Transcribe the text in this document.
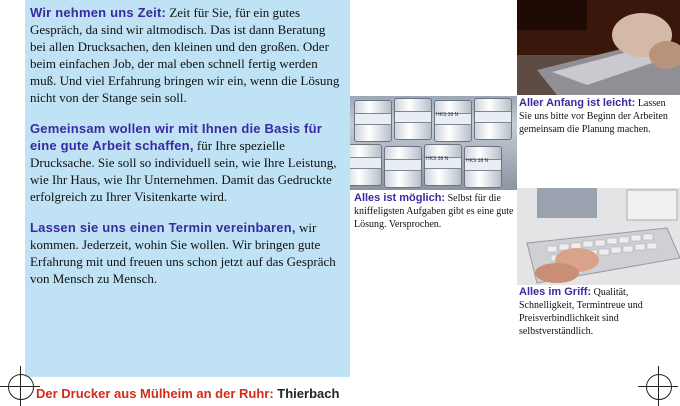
Wir nehmen uns Zeit: Zeit für Sie, für ein gutes Gespräch, da sind wir altmodisch. Das ist dann Beratung bei allen Drucksachen, den kleinen und den großen. Oder beim einfachen Job, der mal eben schnell fertig werden muß. Und viel Erfahrung bringen wir ein, wenn die Lösung nicht von der Stange sein soll.

Gemeinsam wollen wir mit Ihnen die Basis für eine gute Arbeit schaffen, für Ihre spezielle Drucksache. Sie soll so individuell sein, wie Ihre Leistung, wie Ihr Haus, wie Ihr Unternehmen. Damit das Gedruckte erfolgreich zu Ihrer Visitenkarte wird.

Lassen sie uns einen Termin vereinbaren, wir kommen. Jederzeit, wohin Sie wollen. Wir bringen gute Erfahrung mit und freuen uns schon jetzt auf das Gespräch von Mensch zu Mensch.

HKS 38 N	HKS 38 N
HKS 38 N
Aller Anfang ist leicht: Lassen Sie uns bitte vor Beginn der Arbeiten gemeinsam die Planung machen.
Alles ist möglich: Selbst für die kniffeligsten Aufgaben gibt es eine gute Lösung. Versprochen.
Alles im Griff: Qualität, Schnelligkeit, Termintreue und Preisverbindlichkeit sind selbstverständlich.
Der Drucker aus Mülheim an der Ruhr: Thierbach
